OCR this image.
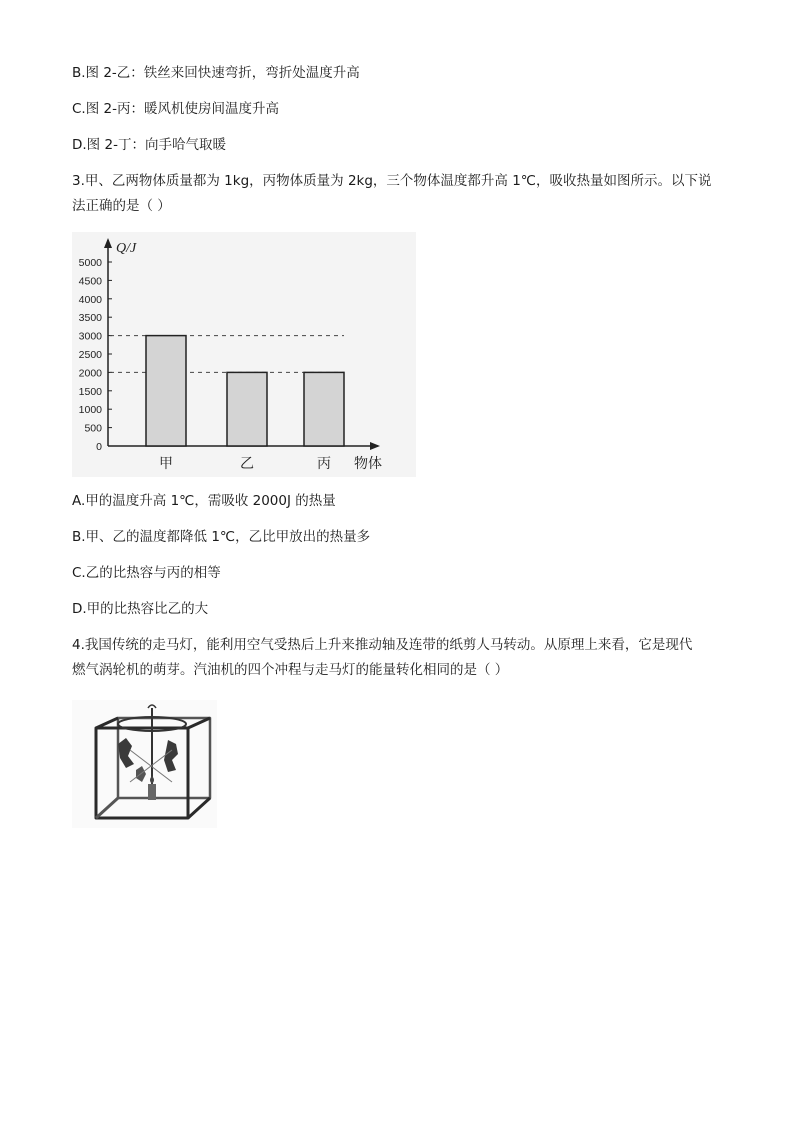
B.图 2-乙：铁丝来回快速弯折，弯折处温度升高
C.图 2-丙：暖风机使房间温度升高
D.图 2-丁：向手哈气取暖
3.甲、乙两物体质量都为 1kg，丙物体质量为 2kg，三个物体温度都升高 1℃，吸收热量如图所示。以下说
法正确的是（ ）
Q/J
物体
0
500
1000
1500
2000
2500
3000
3500
4000
4500
5000
甲	乙	丙
A.甲的温度升高 1℃，需吸收 2000J 的热量
B.甲、乙的温度都降低 1℃，乙比甲放出的热量多
C.乙的比热容与丙的相等
D.甲的比热容比乙的大
4.我国传统的走马灯，能利用空气受热后上升来推动轴及连带的纸剪人马转动。从原理上来看，它是现代
燃气涡轮机的萌芽。汽油机的四个冲程与走马灯的能量转化相同的是（ ）
